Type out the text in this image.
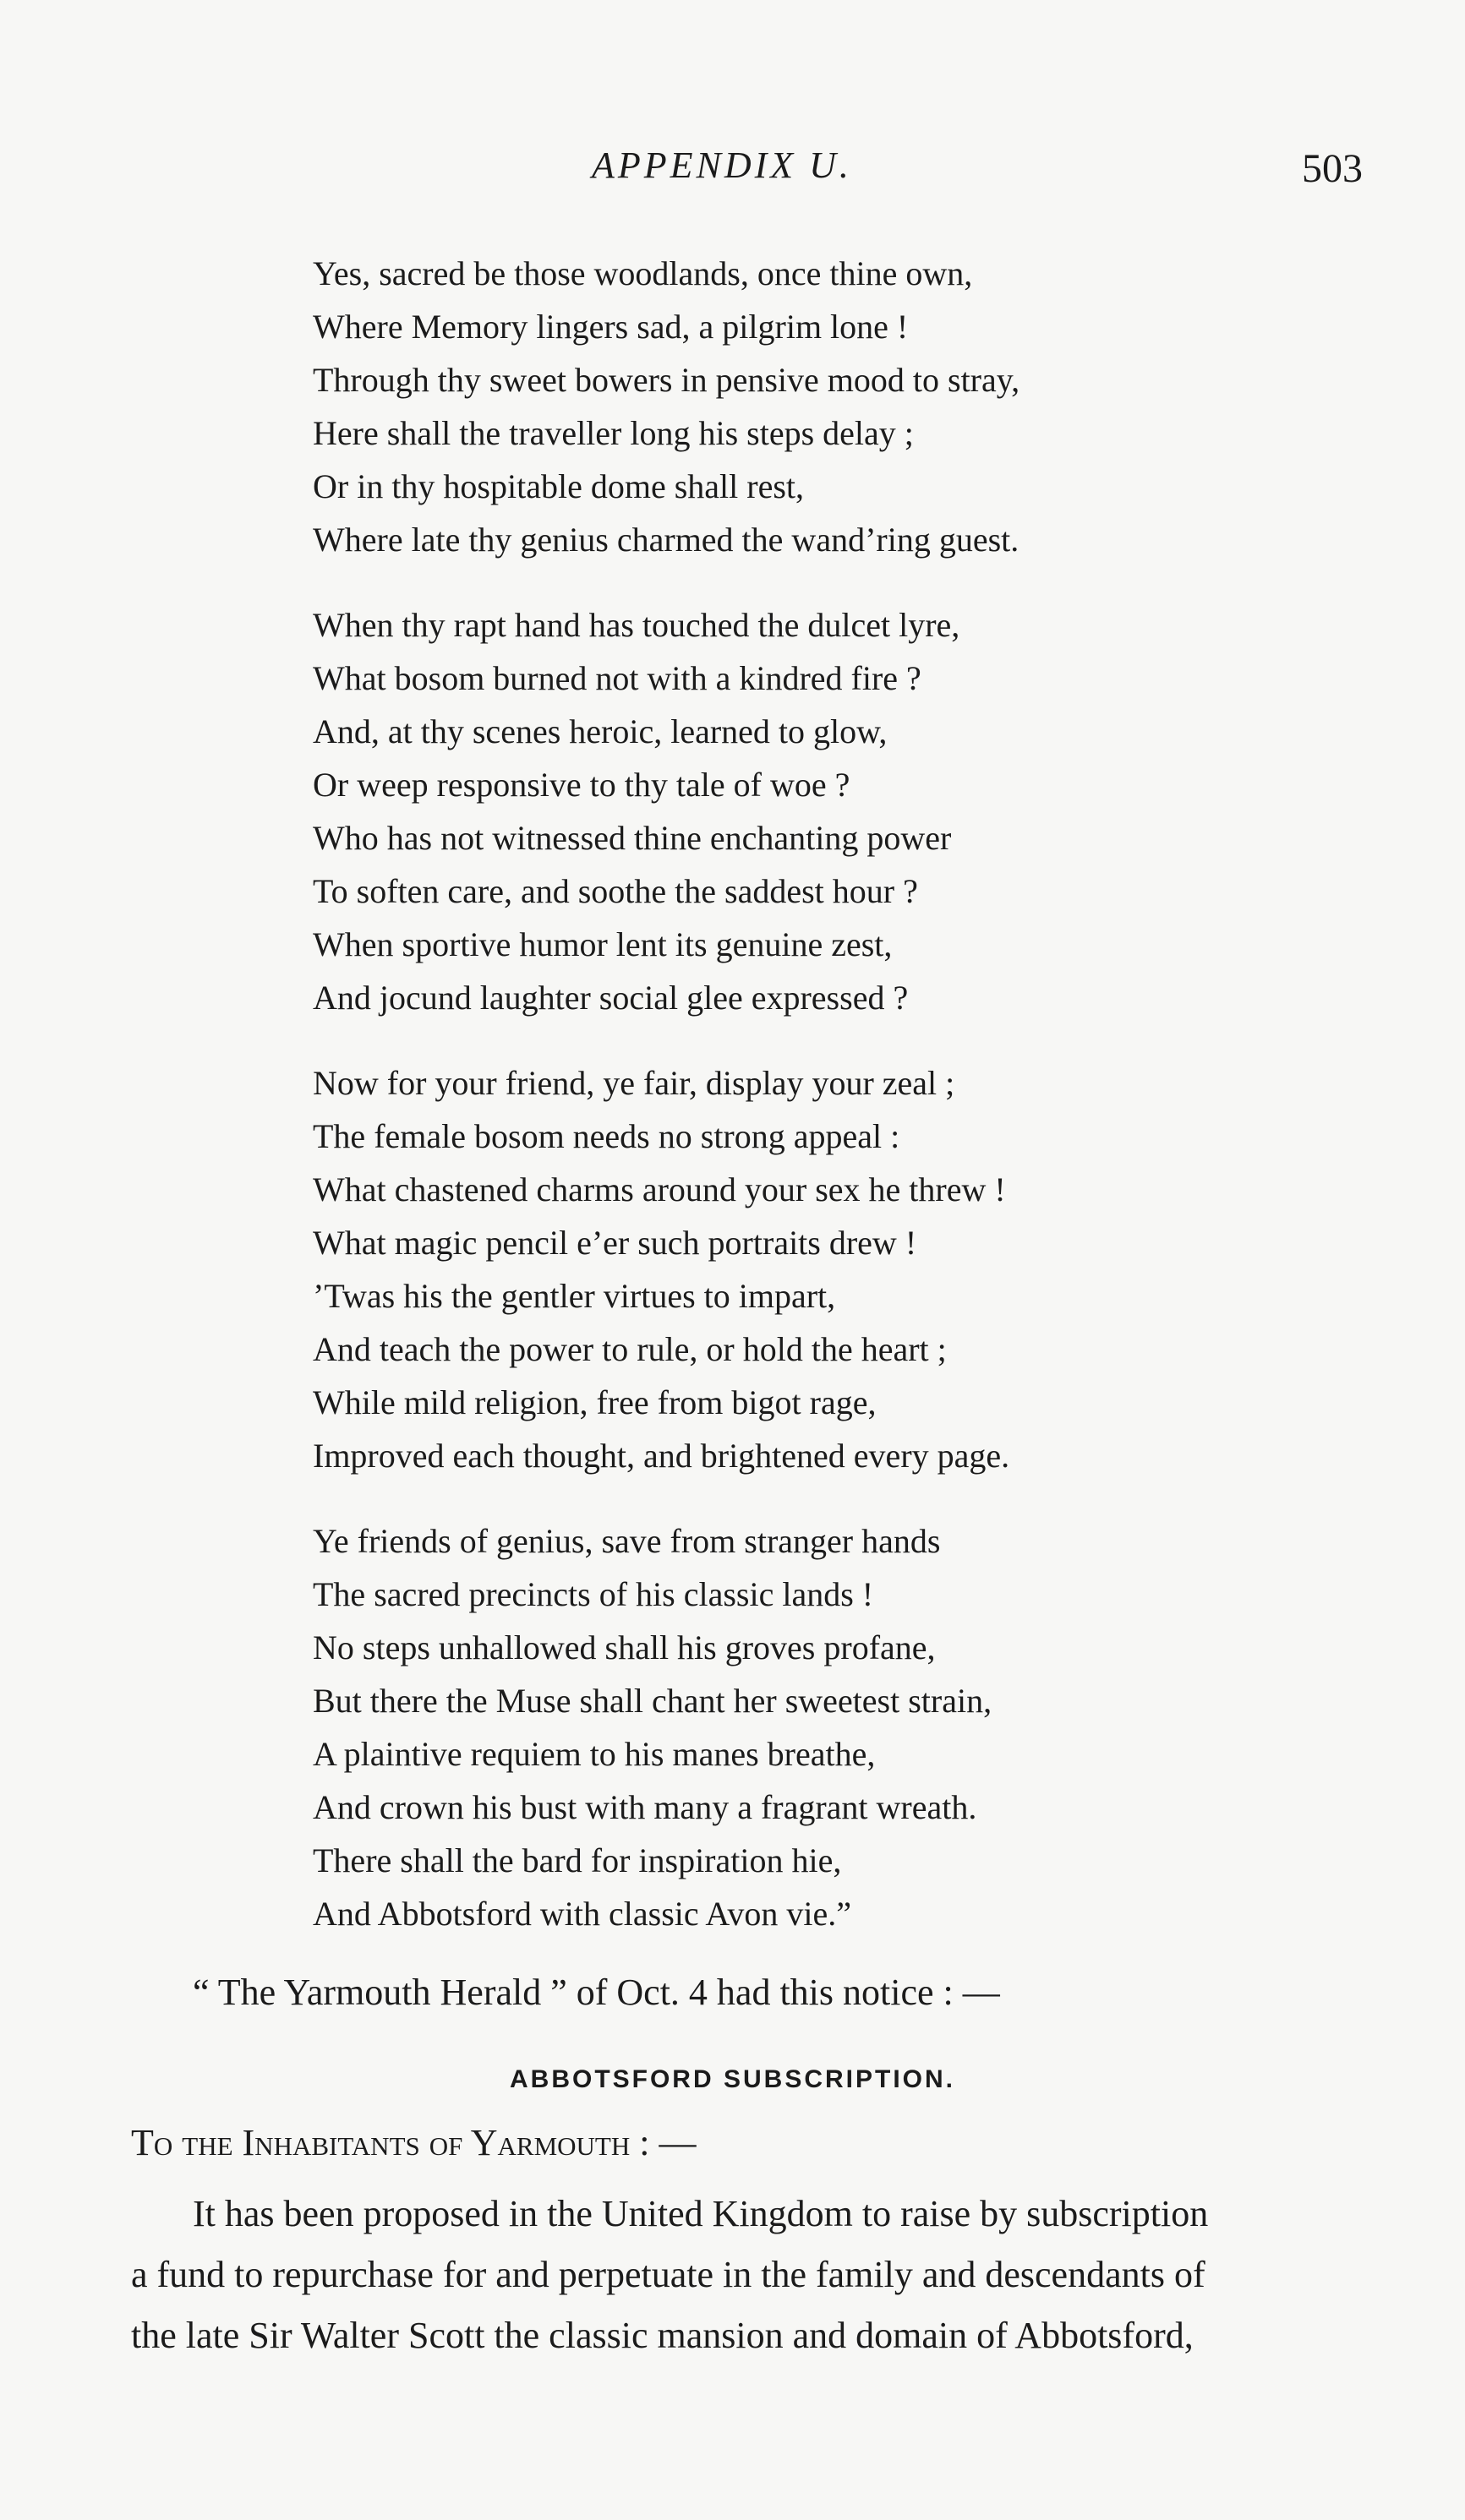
APPENDIX U.	503
Yes, sacred be those woodlands, once thine own,
Where Memory lingers sad, a pilgrim lone !
Through thy sweet bowers in pensive mood to stray,
Here shall the traveller long his steps delay ;
Or in thy hospitable dome shall rest,
Where late thy genius charmed the wand’ring guest.
When thy rapt hand has touched the dulcet lyre,
What bosom burned not with a kindred fire ?
And, at thy scenes heroic, learned to glow,
Or weep responsive to thy tale of woe ?
Who has not witnessed thine enchanting power
To soften care, and soothe the saddest hour ?
When sportive humor lent its genuine zest,
And jocund laughter social glee expressed ?
Now for your friend, ye fair, display your zeal ;
The female bosom needs no strong appeal :
What chastened charms around your sex he threw !
What magic pencil e’er such portraits drew !
’Twas his the gentler virtues to impart,
And teach the power to rule, or hold the heart ;
While mild religion, free from bigot rage,
Improved each thought, and brightened every page.
Ye friends of genius, save from stranger hands
The sacred precincts of his classic lands !
No steps unhallowed shall his groves profane,
But there the Muse shall chant her sweetest strain,
A plaintive requiem to his manes breathe,
And crown his bust with many a fragrant wreath.
There shall the bard for inspiration hie,
And Abbotsford with classic Avon vie.”
“ The Yarmouth Herald ” of Oct. 4 had this notice : —
ABBOTSFORD SUBSCRIPTION.
To the Inhabitants of Yarmouth : —
It has been proposed in the United Kingdom to raise by subscription
a fund to repurchase for and perpetuate in the family and descendants of
the late Sir Walter Scott the classic mansion and domain of Abbotsford,
